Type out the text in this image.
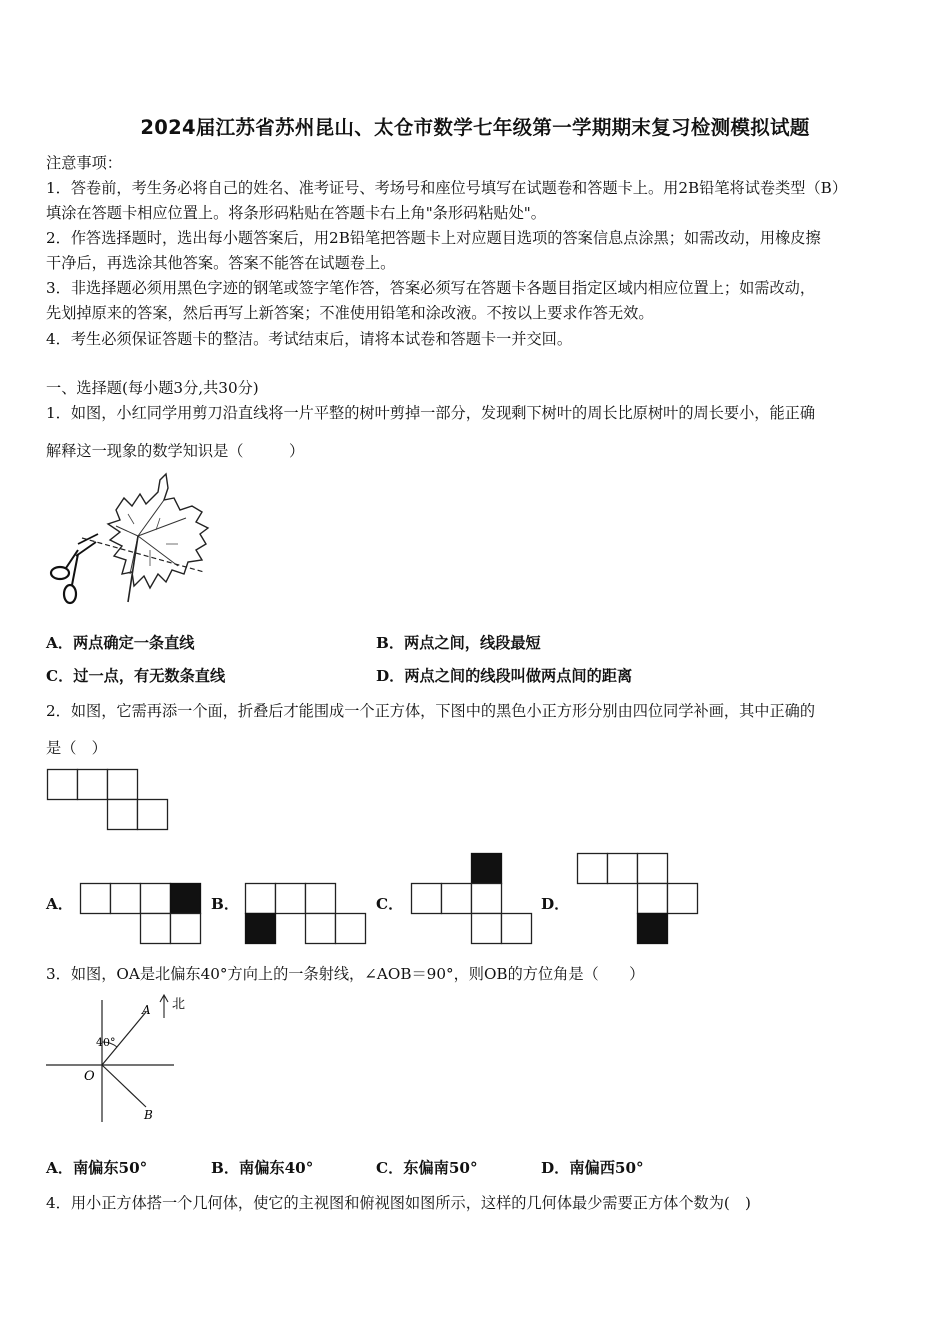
2024届江苏省苏州昆山、太仓市数学七年级第一学期期末复习检测模拟试题
注意事项：
1．答卷前，考生务必将自己的姓名、准考证号、考场号和座位号填写在试题卷和答题卡上。用2B铅笔将试卷类型（B）
填涂在答题卡相应位置上。将条形码粘贴在答题卡右上角"条形码粘贴处"。
2．作答选择题时，选出每小题答案后，用2B铅笔把答题卡上对应题目选项的答案信息点涂黑；如需改动，用橡皮擦
干净后，再选涂其他答案。答案不能答在试题卷上。
3．非选择题必须用黑色字迹的钢笔或签字笔作答，答案必须写在答题卡各题目指定区域内相应位置上；如需改动，
先划掉原来的答案，然后再写上新答案；不准使用铅笔和涂改液。不按以上要求作答无效。
4．考生必须保证答题卡的整洁。考试结束后，请将本试卷和答题卡一并交回。
一、选择题(每小题3分,共30分)
1．如图，小红同学用剪刀沿直线将一片平整的树叶剪掉一部分，发现剩下树叶的周长比原树叶的周长要小，能正确
解释这一现象的数学知识是（　　　）
A．两点确定一条直线	B．两点之间，线段最短
C．过一点，有无数条直线	D．两点之间的线段叫做两点间的距离
2．如图，它需再添一个面，折叠后才能围成一个正方体，下图中的黑色小正方形分别由四位同学补画，其中正确的
是（　）
A．	B．	C．	D．
3．如图，OA是北偏东40°方向上的一条射线，∠AOB＝90°，则OB的方位角是（　　）
北
A
40°
O
B
A．南偏东50°	B．南偏东40°	C．东偏南50°	D．南偏西50°
4．用小正方体搭一个几何体，使它的主视图和俯视图如图所示，这样的几何体最少需要正方体个数为(　)
